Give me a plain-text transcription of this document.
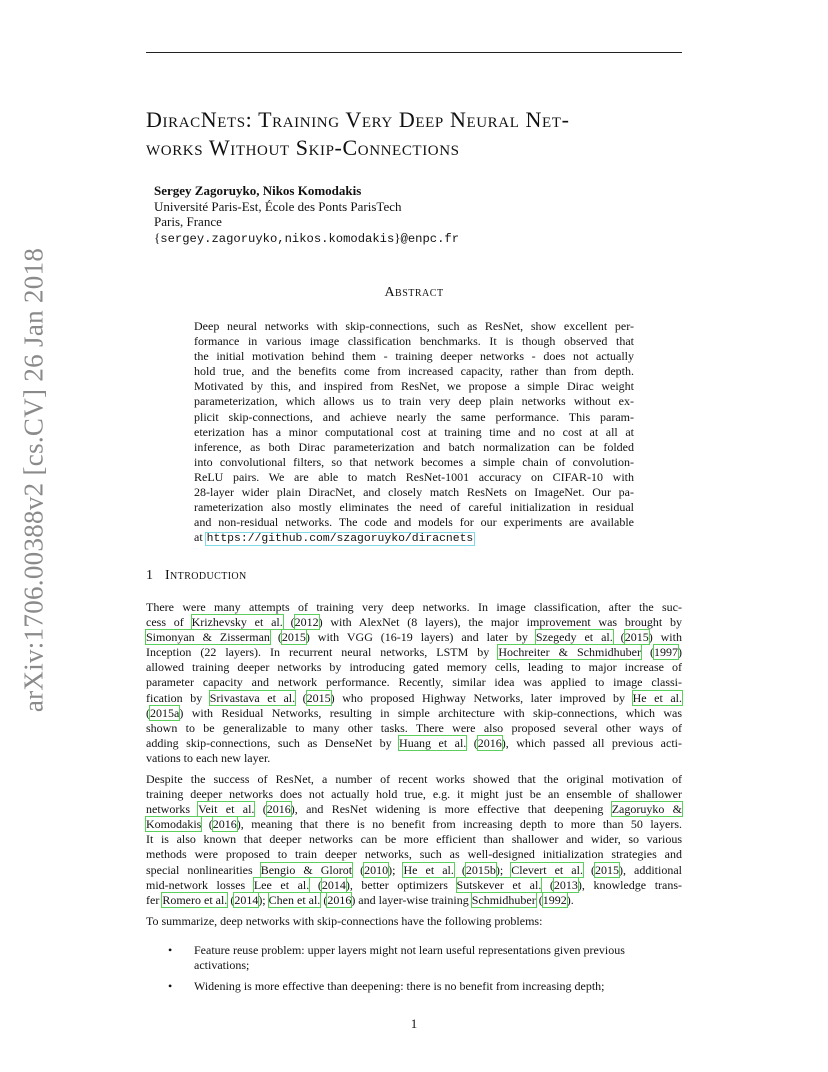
arXiv:1706.00388v2 [cs.CV] 26 Jan 2018
DiracNets: Training Very Deep Neural Net-
works Without Skip-Connections
Sergey Zagoruyko, Nikos Komodakis
Université Paris-Est, École des Ponts ParisTech
Paris, France
{sergey.zagoruyko,nikos.komodakis}@enpc.fr
Abstract
Deep neural networks with skip-connections, such as ResNet, show excellent per-
formance in various image classification benchmarks. It is though observed that
the initial motivation behind them - training deeper networks - does not actually
hold true, and the benefits come from increased capacity, rather than from depth.
Motivated by this, and inspired from ResNet, we propose a simple Dirac weight
parameterization, which allows us to train very deep plain networks without ex-
plicit skip-connections, and achieve nearly the same performance. This param-
eterization has a minor computational cost at training time and no cost at all at
inference, as both Dirac parameterization and batch normalization can be folded
into convolutional filters, so that network becomes a simple chain of convolution-
ReLU pairs. We are able to match ResNet-1001 accuracy on CIFAR-10 with
28-layer wider plain DiracNet, and closely match ResNets on ImageNet. Our pa-
rameterization also mostly eliminates the need of careful initialization in residual
and non-residual networks. The code and models for our experiments are available
at https://github.com/szagoruyko/diracnets
1 Introduction
There were many attempts of training very deep networks. In image classification, after the suc-
cess of Krizhevsky et al. (2012) with AlexNet (8 layers), the major improvement was brought by
Simonyan & Zisserman (2015) with VGG (16-19 layers) and later by Szegedy et al. (2015) with
Inception (22 layers). In recurrent neural networks, LSTM by Hochreiter & Schmidhuber (1997)
allowed training deeper networks by introducing gated memory cells, leading to major increase of
parameter capacity and network performance. Recently, similar idea was applied to image classi-
fication by Srivastava et al. (2015) who proposed Highway Networks, later improved by He et al.
(2015a) with Residual Networks, resulting in simple architecture with skip-connections, which was
shown to be generalizable to many other tasks. There were also proposed several other ways of
adding skip-connections, such as DenseNet by Huang et al. (2016), which passed all previous acti-
vations to each new layer.
Despite the success of ResNet, a number of recent works showed that the original motivation of
training deeper networks does not actually hold true, e.g. it might just be an ensemble of shallower
networks Veit et al. (2016), and ResNet widening is more effective that deepening Zagoruyko &
Komodakis (2016), meaning that there is no benefit from increasing depth to more than 50 layers.
It is also known that deeper networks can be more efficient than shallower and wider, so various
methods were proposed to train deeper networks, such as well-designed initialization strategies and
special nonlinearities Bengio & Glorot (2010); He et al. (2015b); Clevert et al. (2015), additional
mid-network losses Lee et al. (2014), better optimizers Sutskever et al. (2013), knowledge trans-
fer Romero et al. (2014); Chen et al. (2016) and layer-wise training Schmidhuber (1992).
To summarize, deep networks with skip-connections have the following problems:
• Feature reuse problem: upper layers might not learn useful representations given previous
activations;
• Widening is more effective than deepening: there is no benefit from increasing depth;
1
